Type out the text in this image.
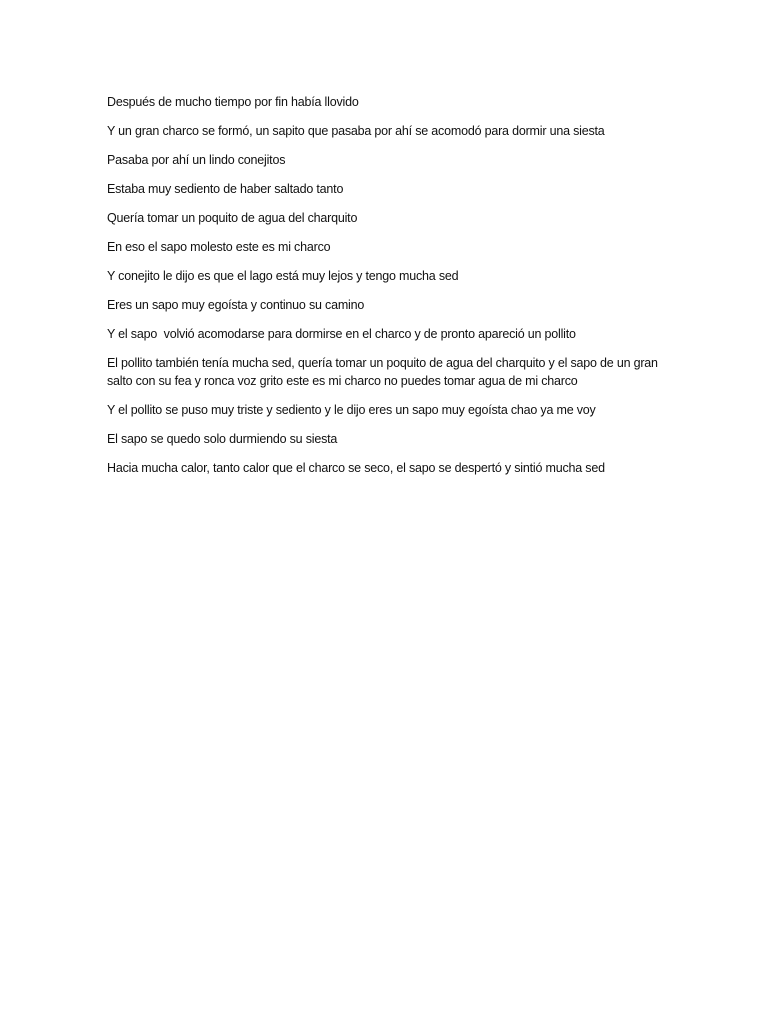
Después de mucho tiempo por fin había llovido

Y un gran charco se formó, un sapito que pasaba por ahí se acomodó para dormir una siesta

Pasaba por ahí un lindo conejitos

Estaba muy sediento de haber saltado tanto

Quería tomar un poquito de agua del charquito

En eso el sapo molesto este es mi charco

Y conejito le dijo es que el lago está muy lejos y tengo mucha sed

Eres un sapo muy egoísta y continuo su camino

Y el sapo  volvió acomodarse para dormirse en el charco y de pronto apareció un pollito

El pollito también tenía mucha sed, quería tomar un poquito de agua del charquito y el sapo de un gran salto con su fea y ronca voz grito este es mi charco no puedes tomar agua de mi charco

Y el pollito se puso muy triste y sediento y le dijo eres un sapo muy egoísta chao ya me voy

El sapo se quedo solo durmiendo su siesta

Hacia mucha calor, tanto calor que el charco se seco, el sapo se despertó y sintió mucha sed
